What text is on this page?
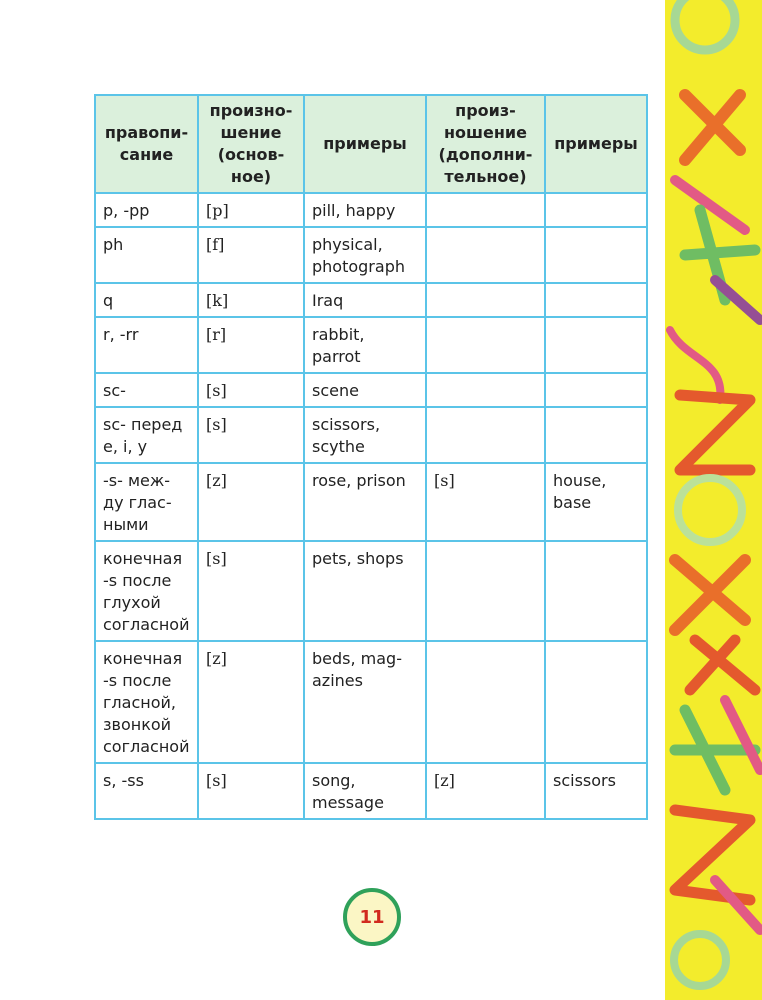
правопи-
сание	произно-
шение
(основ-
ное)	примеры	произ-
ношение
(дополни-
тельное)	примеры
p, -pp	[p]	pill, happy		
ph	[f]	physical,
photograph		
q	[k]	Iraq		
r, -rr	[r]	rabbit,
parrot		
sc-	[s]	scene		
sc- перед
e, i, y	[s]	scissors,
scythe		
-s- меж-
ду глас-
ными	[z]	rose, prison	[s]	house,
base
конечная
-s после
глухой
согласной	[s]	pets, shops		
конечная
-s после
гласной,
звонкой
согласной	[z]	beds, mag-
azines		
s, -ss	[s]	song,
message	[z]	scissors
11
